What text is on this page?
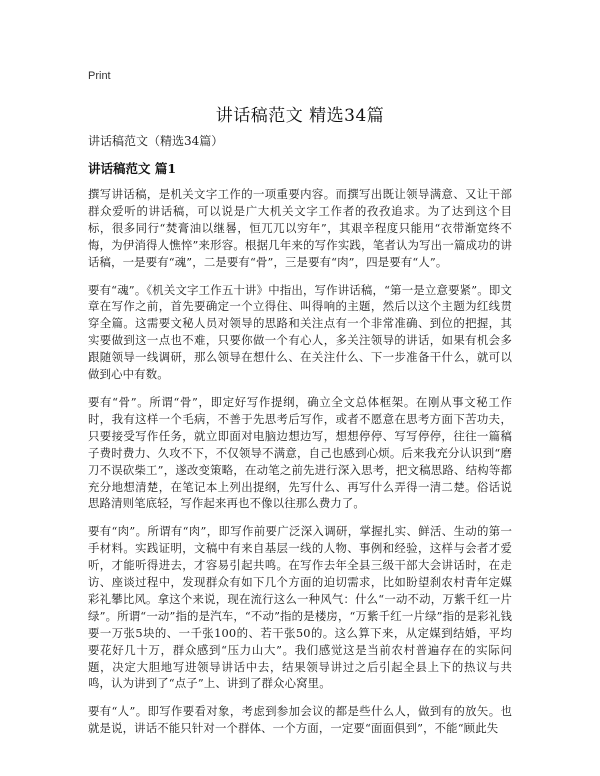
Print
讲话稿范文 精选34篇
讲话稿范文（精选34篇）
讲话稿范文 篇1

撰写讲话稿，是机关文字工作的一项重要内容。而撰写出既让领导满意、又让干部群众爱听的讲话稿，可以说是广大机关文字工作者的孜孜追求。为了达到这个目标，很多同行“焚膏油以继晷，恒兀兀以穷年”，其艰辛程度只能用“衣带渐宽终不悔，为伊消得人憔悴”来形容。根据几年来的写作实践，笔者认为写出一篇成功的讲话稿，一是要有“魂”，二是要有“骨”，三是要有“肉”，四是要有“人”。

要有“魂”。《机关文字工作五十讲》中指出，写作讲话稿，“第一是立意要紧”。即文章在写作之前，首先要确定一个立得住、叫得响的主题，然后以这个主题为红线贯穿全篇。这需要文秘人员对领导的思路和关注点有一个非常准确、到位的把握，其实要做到这一点也不难，只要你做一个有心人，多关注领导的讲话，如果有机会多跟随领导一线调研，那么领导在想什么、在关注什么、下一步准备干什么，就可以做到心中有数。

要有“骨”。所谓“骨”，即定好写作提纲，确立全文总体框架。在刚从事文秘工作时，我有这样一个毛病，不善于先思考后写作，或者不愿意在思考方面下苦功夫，只要接受写作任务，就立即面对电脑边想边写，想想停停、写写停停，往往一篇稿子费时费力、久攻不下，不仅领导不满意，自己也感到心烦。后来我充分认识到“磨刀不误砍柴工”，遂改变策略，在动笔之前先进行深入思考，把文稿思路、结构等都充分地想清楚，在笔记本上列出提纲，先写什么、再写什么弄得一清二楚。俗话说思路清则笔底轻，写作起来再也不像以往那么费力了。

要有“肉”。所谓有“肉”，即写作前要广泛深入调研，掌握扎实、鲜活、生动的第一手材料。实践证明，文稿中有来自基层一线的人物、事例和经验，这样与会者才爱听，才能听得进去，才容易引起共鸣。在写作去年全县三级干部大会讲话时，在走访、座谈过程中，发现群众有如下几个方面的迫切需求，比如盼望刹农村青年定媒彩礼攀比风。拿这个来说，现在流行这么一种风气：什么“一动不动，万紫千红一片绿”。所谓“一动”指的是汽车，“不动”指的是楼房，“万紫千红一片绿”指的是彩礼钱要一万张5块的、一千张100的、若干张50的。这么算下来，从定媒到结婚，平均要花好几十万，群众感到“压力山大”。我们感觉这是当前农村普遍存在的实际问题，决定大胆地写进领导讲话中去，结果领导讲过之后引起全县上下的热议与共鸣，认为讲到了“点子”上、讲到了群众心窝里。

要有“人”。即写作要看对象，考虑到参加会议的都是些什么人，做到有的放矢。也就是说，讲话不能只针对一个群体、一个方面，一定要“面面俱到”，不能“顾此失
